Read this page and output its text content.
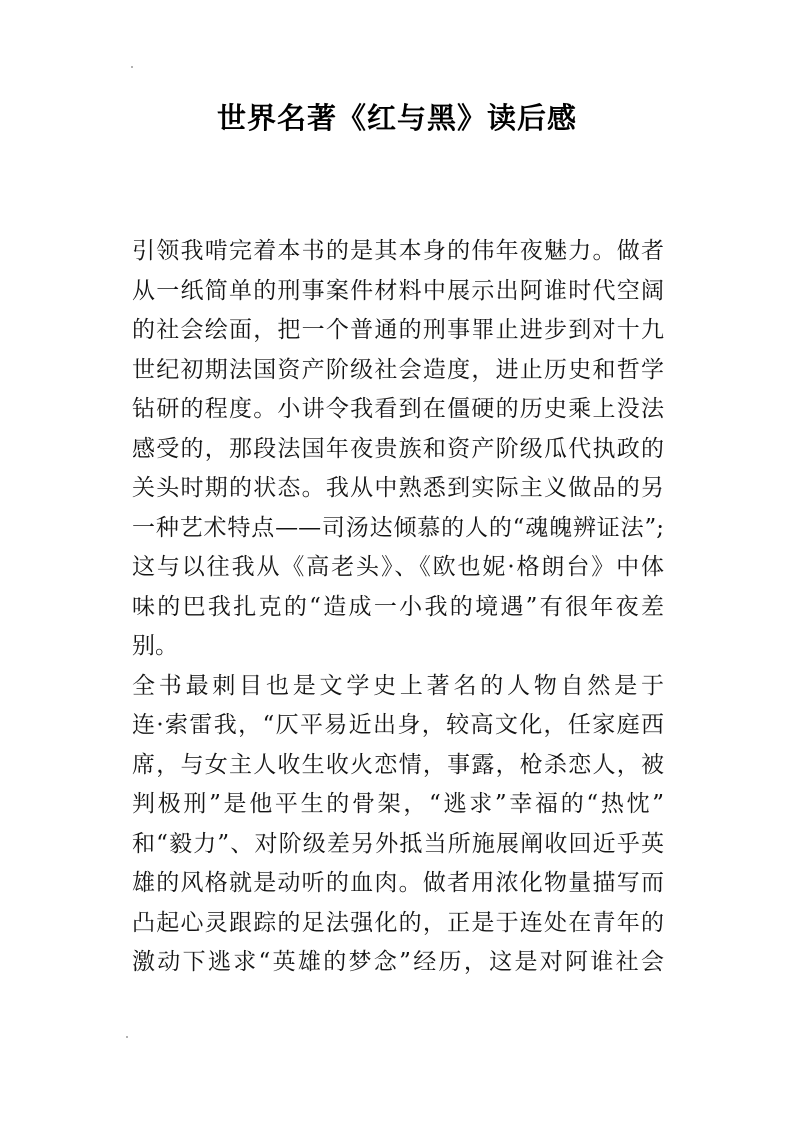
世界名著《红与黑》读后感
引领我啃完着本书的是其本身的伟年夜魅力。做者
从一纸简单的刑事案件材料中展示出阿谁时代空阔
的社会绘面，把一个普通的刑事罪止进步到对十九
世纪初期法国资产阶级社会造度，进止历史和哲学
钻研的程度。小讲令我看到在僵硬的历史乘上没法
感受的，那段法国年夜贵族和资产阶级瓜代执政的
关头时期的状态。我从中熟悉到实际主义做品的另
一种艺术特点——司汤达倾慕的人的“魂魄辨证法”;
这与以往我从《高老头》、《欧也妮·格朗台》中体
味的巴我扎克的“造成一小我的境遇”有很年夜差
别。
全书最刺目也是文学史上著名的人物自然是于
连·索雷我，“仄平易近出身，较高文化，任家庭西
席，与女主人收生收火恋情，事露，枪杀恋人，被
判极刑”是他平生的骨架，“逃求”幸福的“热忱”
和“毅力”、对阶级差另外抵当所施展阐收回近乎英
雄的风格就是动听的血肉。做者用浓化物量描写而
凸起心灵跟踪的足法强化的，正是于连处在青年的
激动下逃求“英雄的梦念”经历，这是对阿谁社会
